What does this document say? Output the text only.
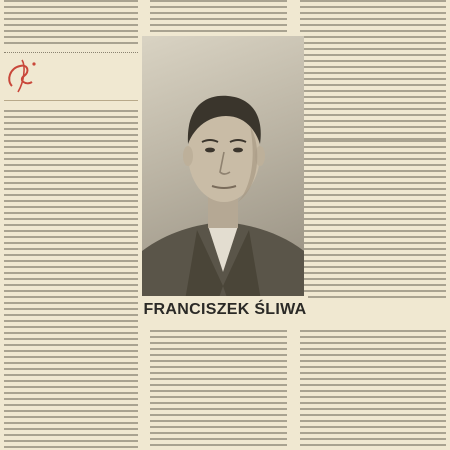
FRANCISZEK ŚLIWA
